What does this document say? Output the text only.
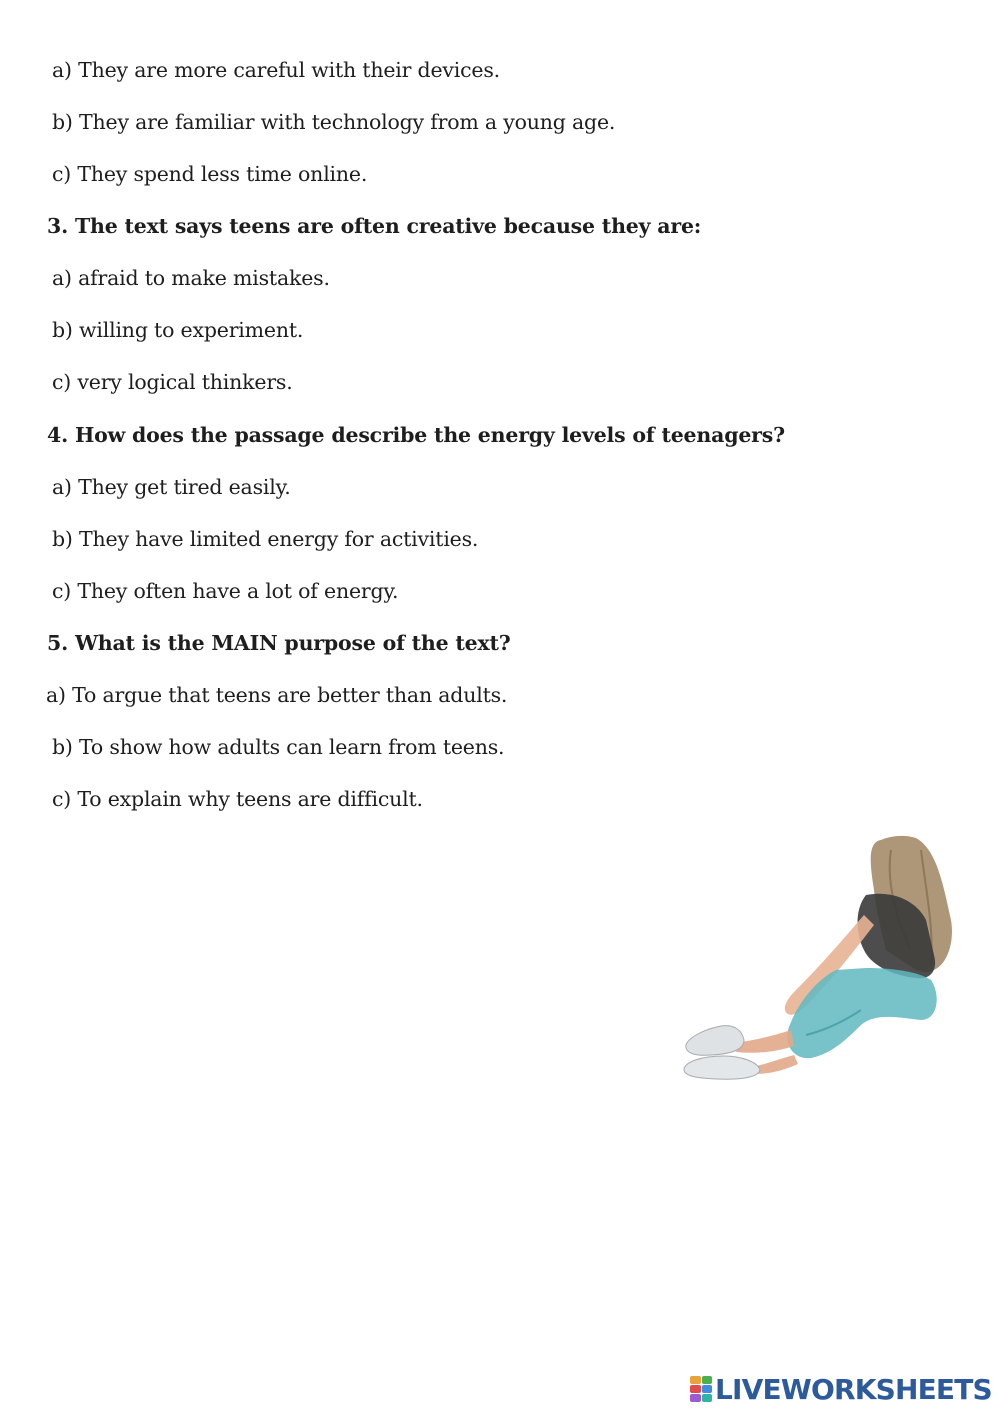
a) They are more careful with their devices.
b) They are familiar with technology from a young age.
c) They spend less time online.
3. The text says teens are often creative because they are:
a) afraid to make mistakes.
b) willing to experiment.
c) very logical thinkers.
4. How does the passage describe the energy levels of teenagers?
a) They get tired easily.
b) They have limited energy for activities.
c) They often have a lot of energy.
5. What is the MAIN purpose of the text?
a) To argue that teens are better than adults.
b) To show how adults can learn from teens.
c) To explain why teens are difficult.
LIVEWORKSHEETS
